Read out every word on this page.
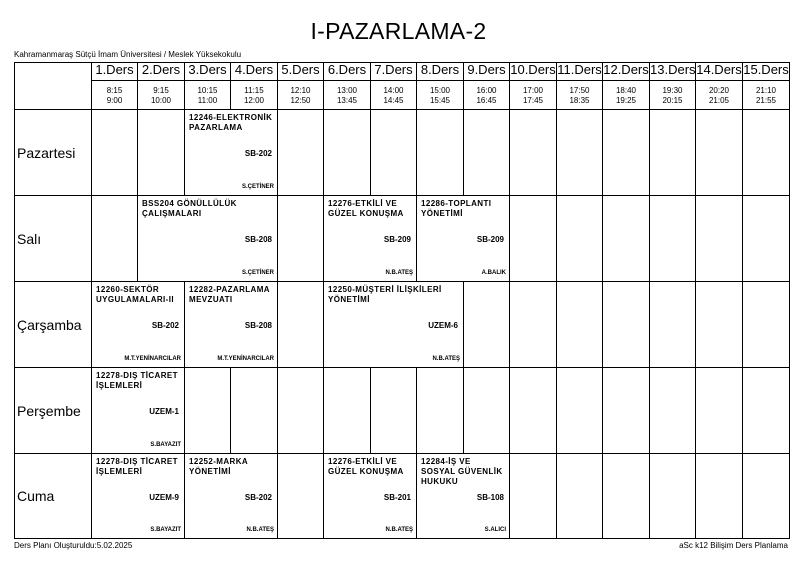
I-PAZARLAMA-2
Kahramanmaraş Sütçü İmam Üniversitesi / Meslek Yüksekokulu
1.Ders
8:15
9:00
2.Ders
9:15
10:00
3.Ders
10:15
11:00
4.Ders
11:15
12:00
5.Ders
12:10
12:50
6.Ders
13:00
13:45
7.Ders
14:00
14:45
8.Ders
15:00
15:45
9.Ders
16:00
16:45
10.Ders
17:00
17:45
11.Ders
17:50
18:35
12.Ders
18:40
19:25
13.Ders
19:30
20:15
14.Ders
20:20
21:05
15.Ders
21:10
21:55
Pazartesi
12246-ELEKTRONİK PAZARLAMA
SB-202
S.ÇETİNER
Salı
BSS204 GÖNÜLLÜLÜK ÇALIŞMALARI
SB-208
S.ÇETİNER
12276-ETKİLİ VE GÜZEL KONUŞMA
SB-209
N.B.ATEŞ
12286-TOPLANTI YÖNETİMİ
SB-209
A.BALIK
Çarşamba
12260-SEKTÖR UYGULAMALARI-II
SB-202
M.T.YENİNARCILAR
12282-PAZARLAMA MEVZUATI
SB-208
M.T.YENİNARCILAR
12250-MÜŞTERİ İLİŞKİLERİ YÖNETİMİ
UZEM-6
N.B.ATEŞ
Perşembe
12278-DIŞ TİCARET İŞLEMLERİ
UZEM-1
S.BAYAZIT
Cuma
12278-DIŞ TİCARET İŞLEMLERİ
UZEM-9
S.BAYAZIT
12252-MARKA YÖNETİMİ
SB-202
N.B.ATEŞ
12276-ETKİLİ VE GÜZEL KONUŞMA
SB-201
N.B.ATEŞ
12284-İŞ VE SOSYAL GÜVENLİK HUKUKU
SB-108
S.ALICI
Ders Planı Oluşturuldu:5.02.2025	aSc k12 Bilişim Ders Planlama
